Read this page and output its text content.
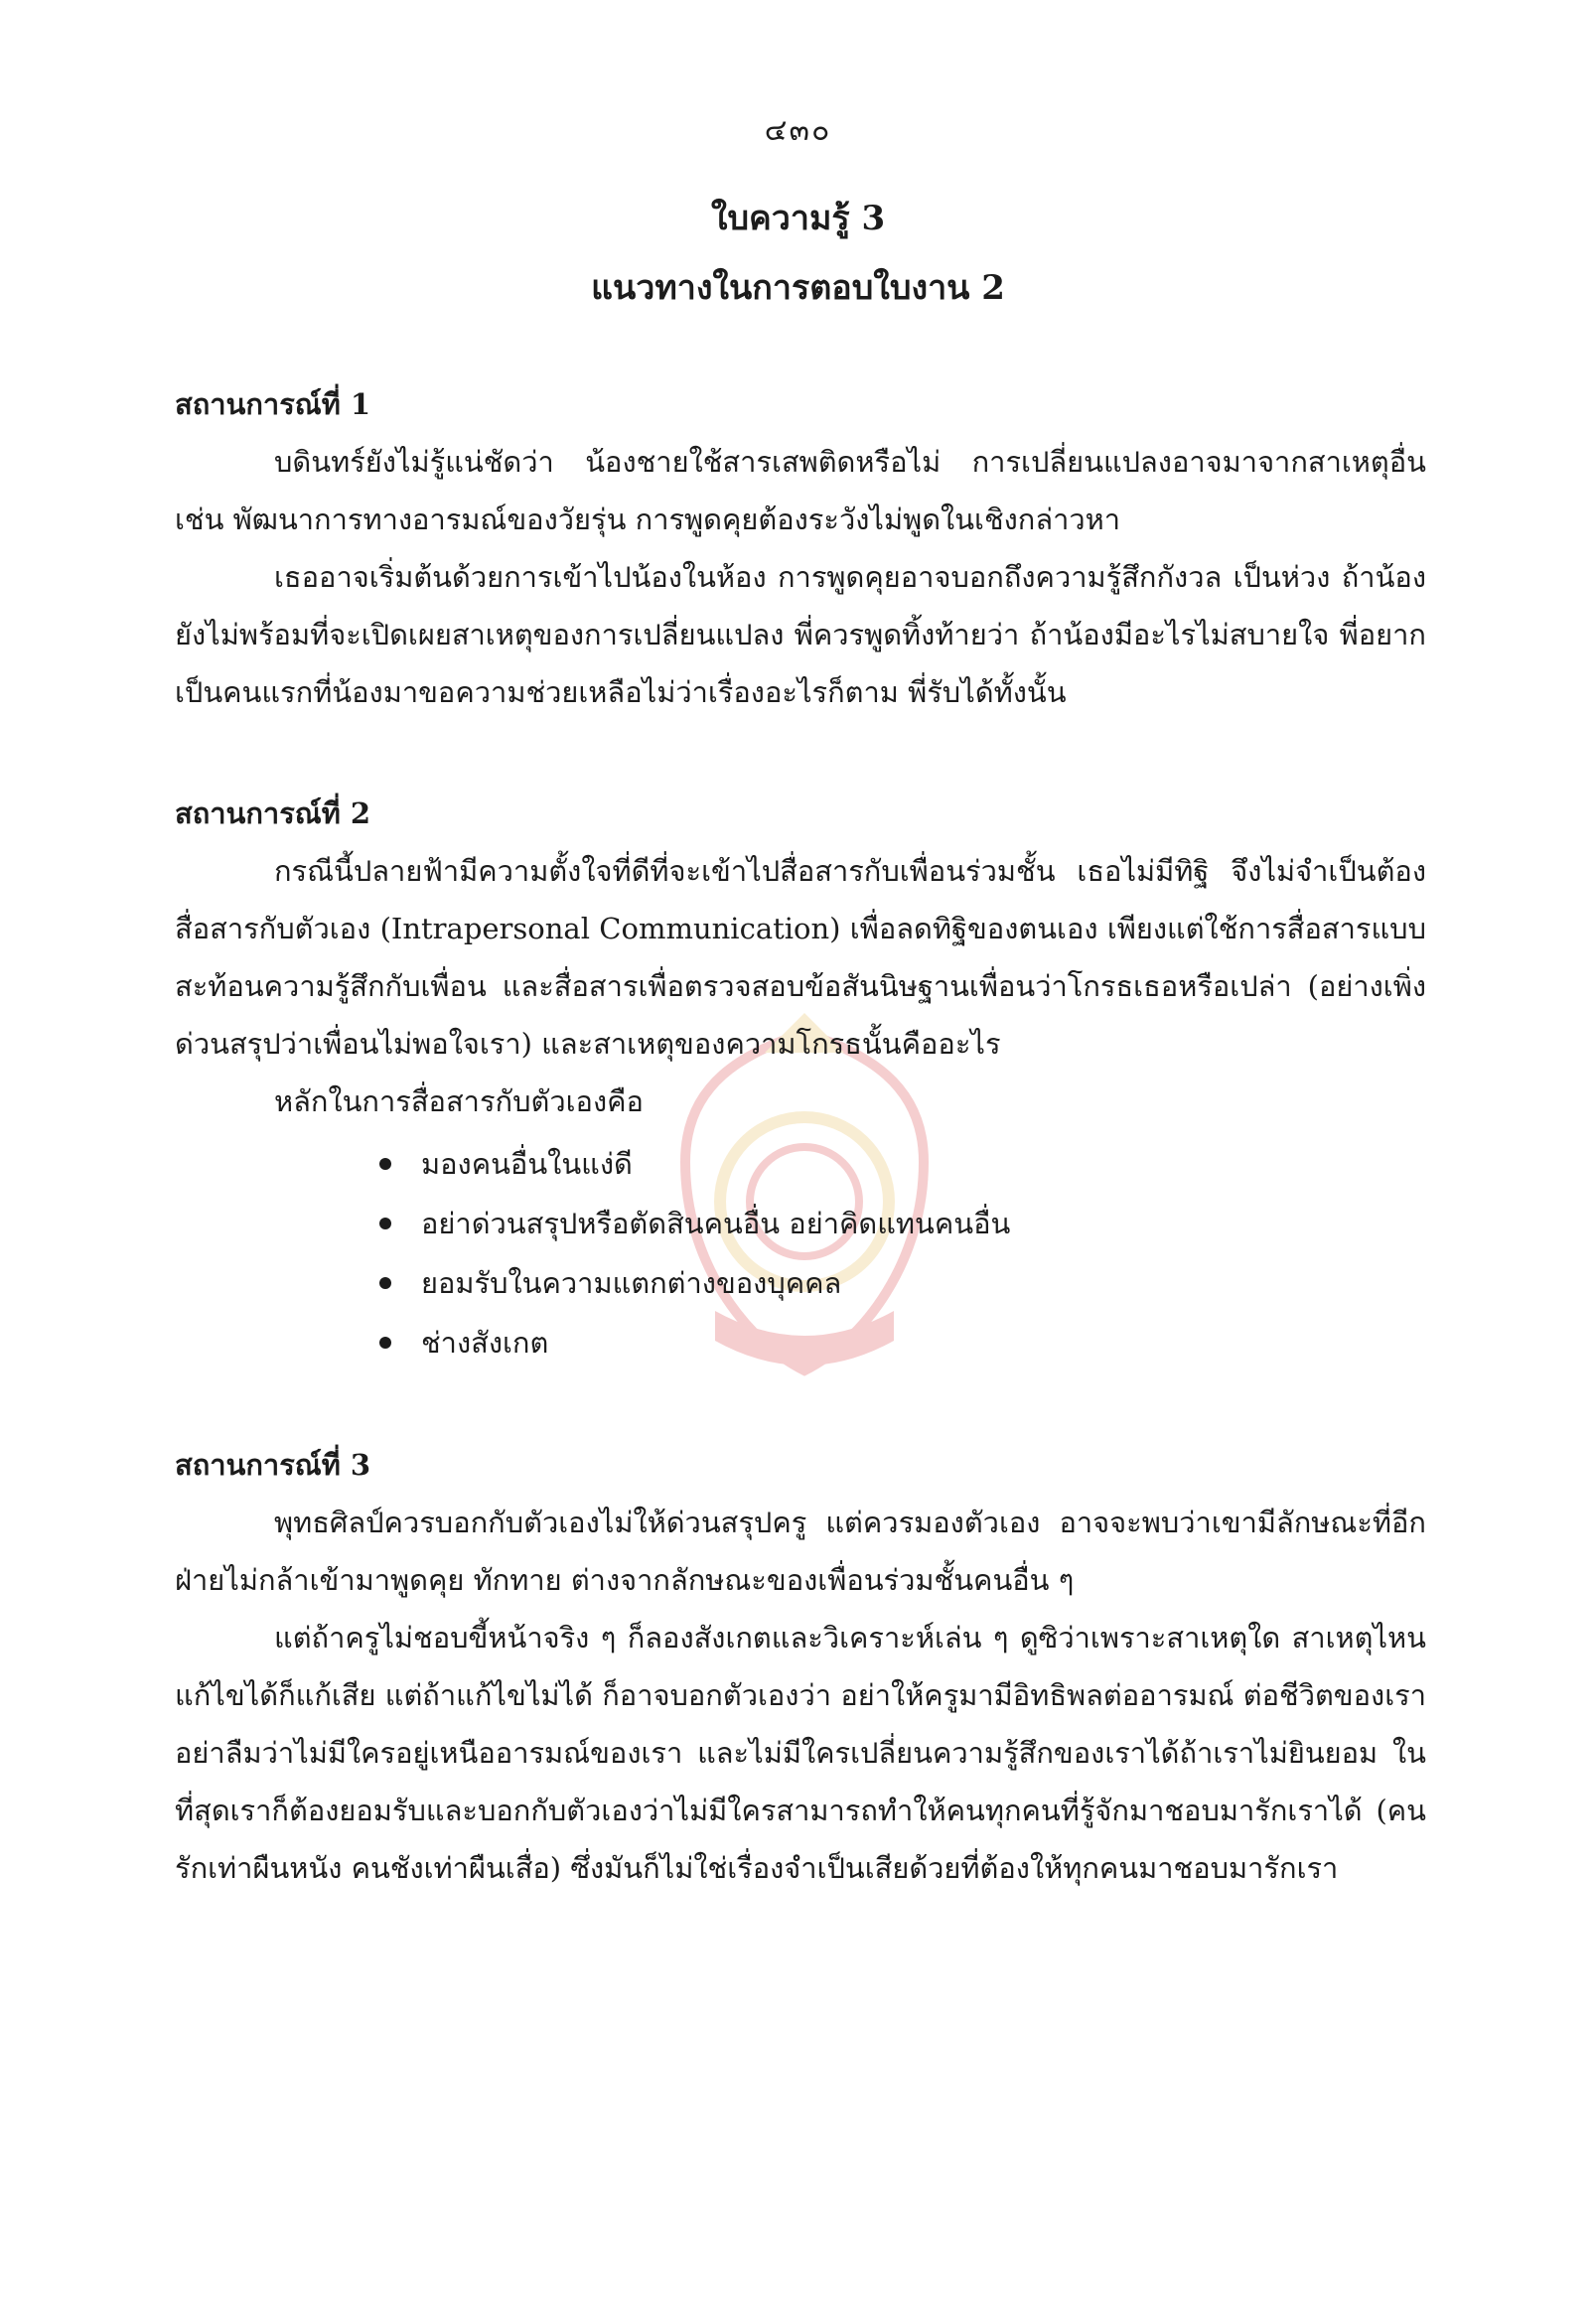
๔๓๐
ใบความรู้ 3
แนวทางในการตอบใบงาน 2

สถานการณ์ที่ 1

บดินทร์ยังไม่รู้แน่ชัดว่า น้องชายใช้สารเสพติดหรือไม่ การเปลี่ยนแปลงอาจมาจากสาเหตุอื่น เช่น พัฒนาการทางอารมณ์ของวัยรุ่น การพูดคุยต้องระวังไม่พูดในเชิงกล่าวหา

เธออาจเริ่มต้นด้วยการเข้าไปน้องในห้อง การพูดคุยอาจบอกถึงความรู้สึกกังวล เป็นห่วง ถ้าน้องยังไม่พร้อมที่จะเปิดเผยสาเหตุของการเปลี่ยนแปลง พี่ควรพูดทิ้งท้ายว่า ถ้าน้องมีอะไรไม่สบายใจ พี่อยากเป็นคนแรกที่น้องมาขอความช่วยเหลือไม่ว่าเรื่องอะไรก็ตาม พี่รับได้ทั้งนั้น

สถานการณ์ที่ 2

กรณีนี้ปลายฟ้ามีความตั้งใจที่ดีที่จะเข้าไปสื่อสารกับเพื่อนร่วมชั้น เธอไม่มีทิฐิ จึงไม่จำเป็นต้องสื่อสารกับตัวเอง (Intrapersonal Communication) เพื่อลดทิฐิของตนเอง เพียงแต่ใช้การสื่อสารแบบสะท้อนความรู้สึกกับเพื่อน และสื่อสารเพื่อตรวจสอบข้อสันนิษฐานเพื่อนว่าโกรธเธอหรือเปล่า (อย่างเพิ่งด่วนสรุปว่าเพื่อนไม่พอใจเรา) และสาเหตุของความโกรธนั้นคืออะไร

หลักในการสื่อสารกับตัวเองคือ

มองคนอื่นในแง่ดี
อย่าด่วนสรุปหรือตัดสินคนอื่น อย่าคิดแทนคนอื่น
ยอมรับในความแตกต่างของบุคคล
ช่างสังเกต

สถานการณ์ที่ 3

พุทธศิลป์ควรบอกกับตัวเองไม่ให้ด่วนสรุปครู แต่ควรมองตัวเอง อาจจะพบว่าเขามีลักษณะที่อีกฝ่ายไม่กล้าเข้ามาพูดคุย ทักทาย ต่างจากลักษณะของเพื่อนร่วมชั้นคนอื่น ๆ

แต่ถ้าครูไม่ชอบขี้หน้าจริง ๆ ก็ลองสังเกตและวิเคราะห์เล่น ๆ ดูซิว่าเพราะสาเหตุใด สาเหตุไหนแก้ไขได้ก็แก้เสีย แต่ถ้าแก้ไขไม่ได้ ก็อาจบอกตัวเองว่า อย่าให้ครูมามีอิทธิพลต่ออารมณ์ ต่อชีวิตของเรา อย่าลืมว่าไม่มีใครอยู่เหนืออารมณ์ของเรา และไม่มีใครเปลี่ยนความรู้สึกของเราได้ถ้าเราไม่ยินยอม ในที่สุดเราก็ต้องยอมรับและบอกกับตัวเองว่าไม่มีใครสามารถทำให้คนทุกคนที่รู้จักมาชอบมารักเราได้ (คนรักเท่าผืนหนัง คนชังเท่าผืนเสื่อ) ซึ่งมันก็ไม่ใช่เรื่องจำเป็นเสียด้วยที่ต้องให้ทุกคนมาชอบมารักเรา
